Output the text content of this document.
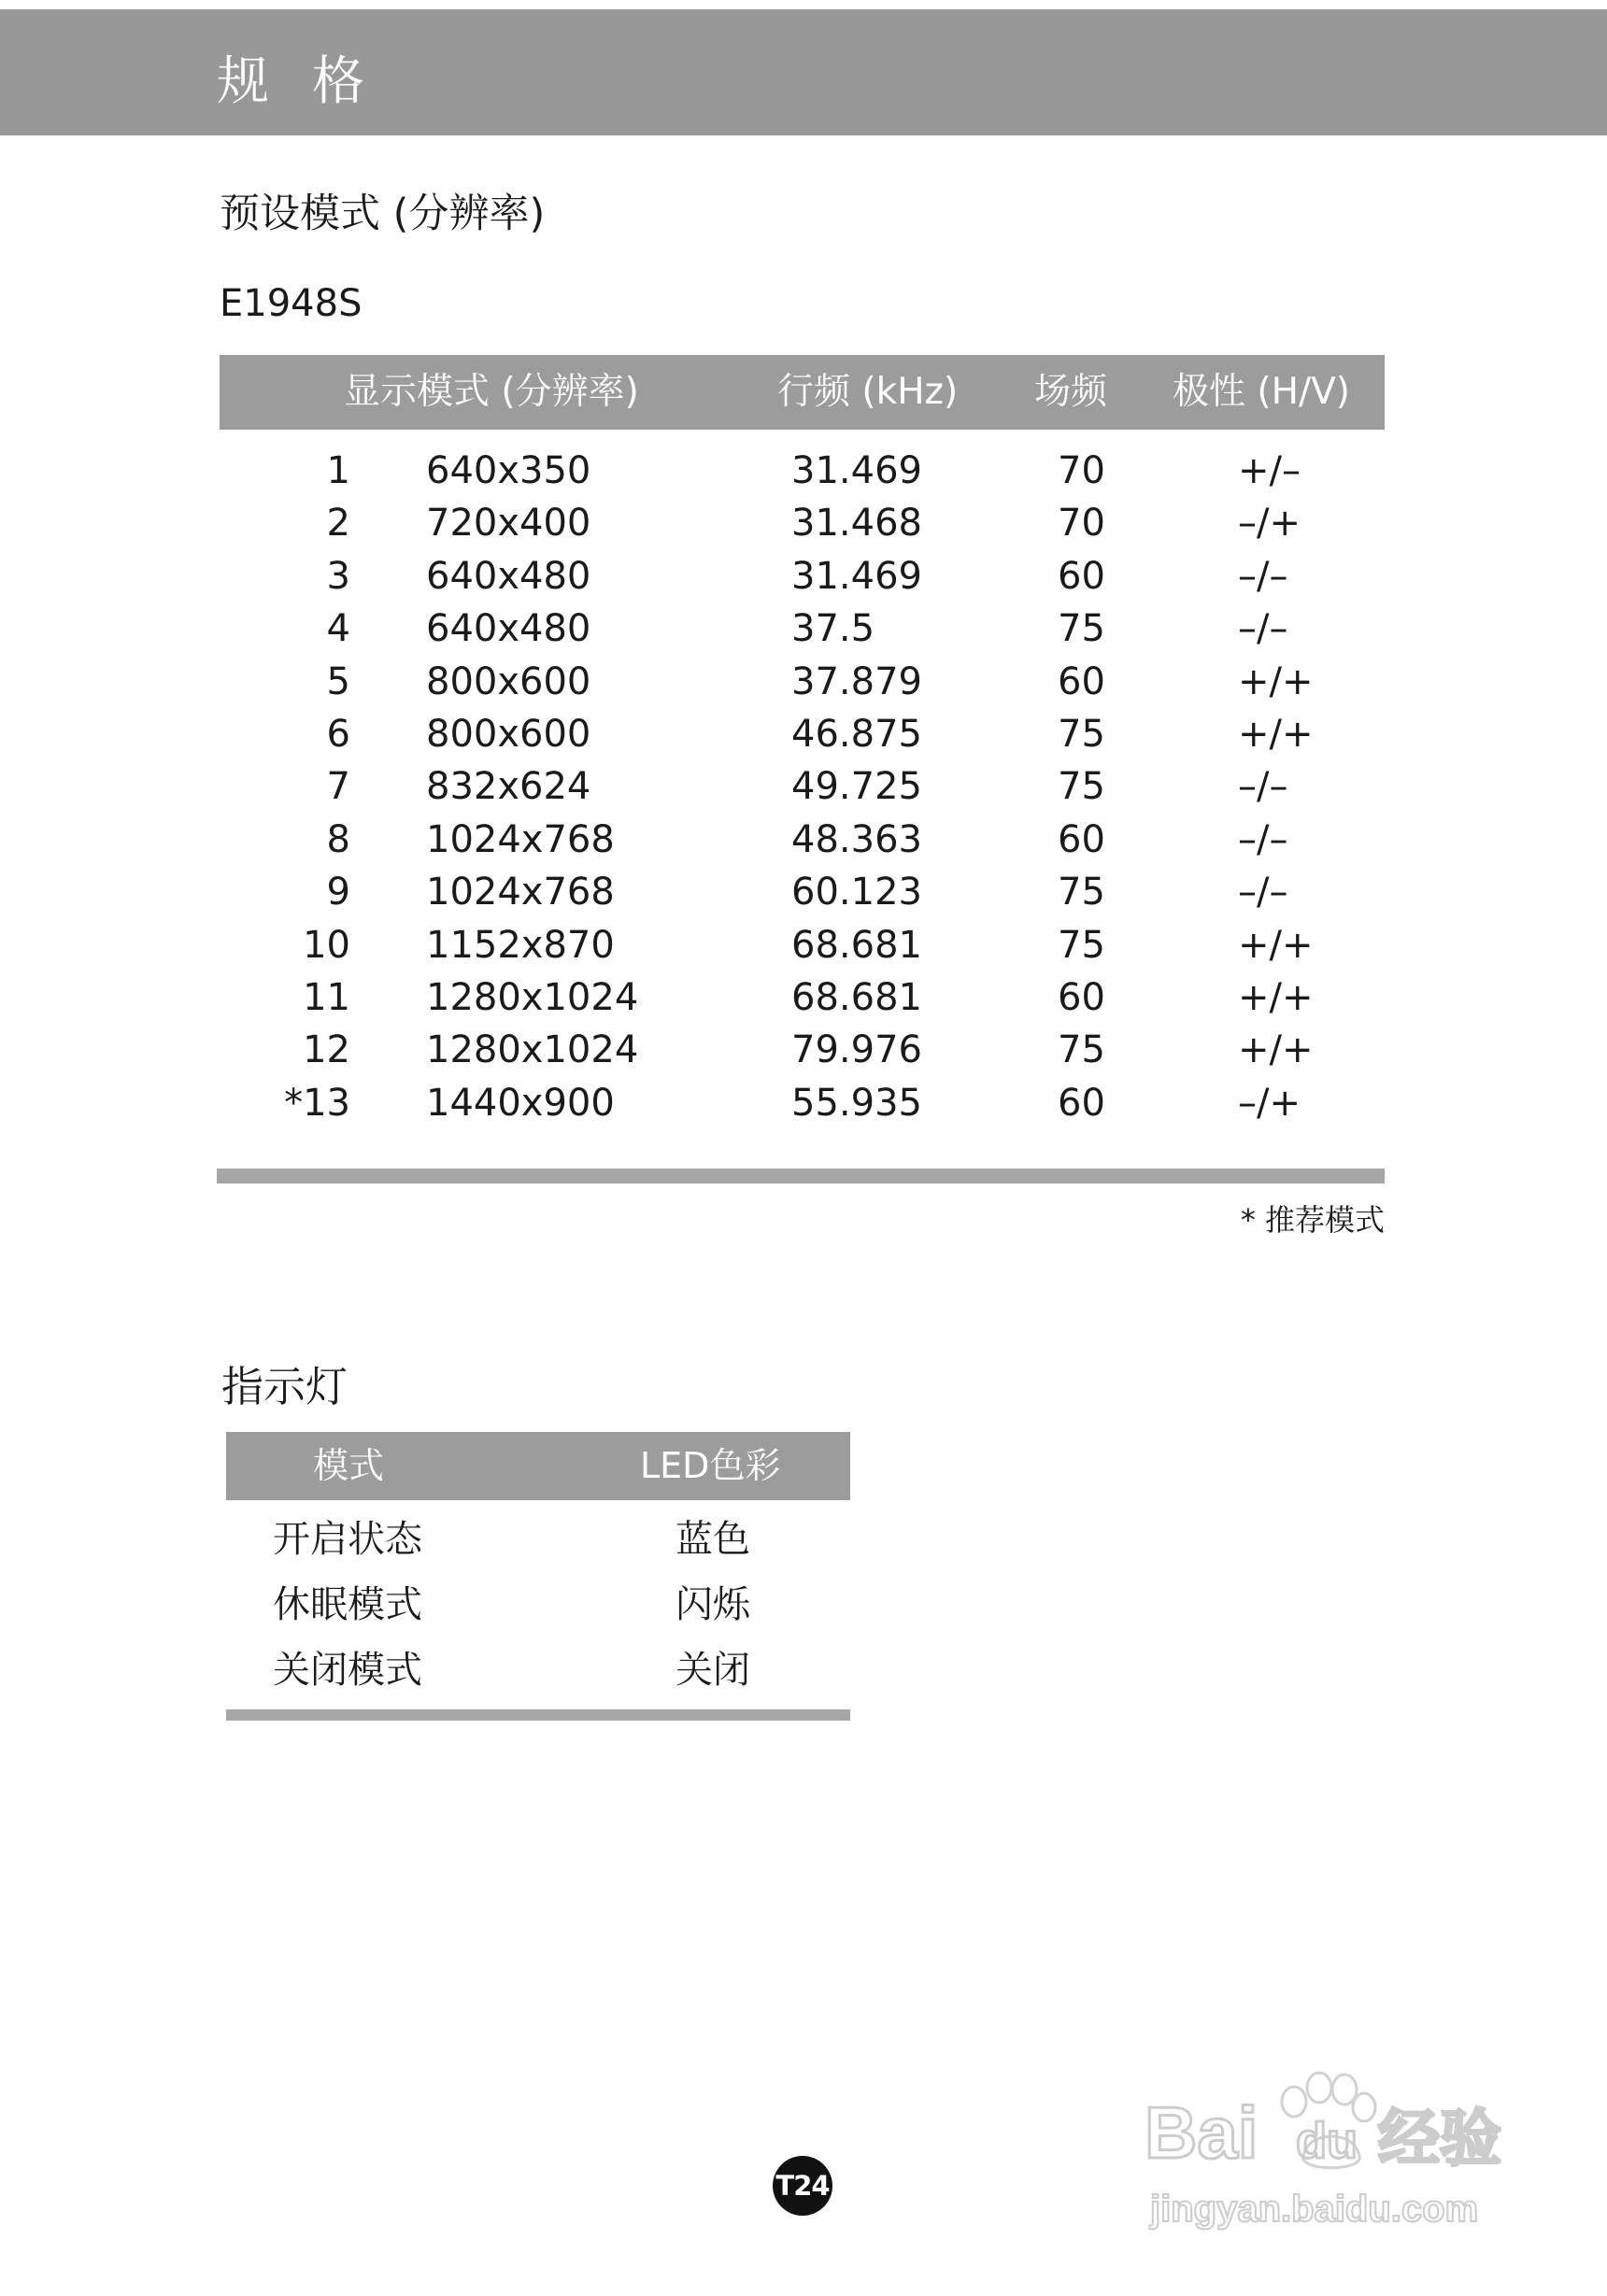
规格
预设模式 (分辨率)
E1948S
显示模式 (分辨率)	行频 (kHz) 场频 极性 (H/V)
1 640x350	31.469	70	+/–
2 720x400	31.468	70	–/+
3 640x480	31.469	60	–/–
4 640x480	37.5	75	–/–
5 800x600	37.879	60	+/+
6 800x600	46.875	75	+/+
7 832x624	49.725	75	–/–
8 1024x768	48.363	60	–/–
9 1024x768	60.123	75	–/–
10 1152x870	68.681	75	+/+
11 1280x1024	68.681	60	+/+
12 1280x1024	79.976	75	+/+
*13 1440x900	55.935	60	–/+
* 推荐模式
指示灯
模式	LED色彩
开启状态	蓝色
休眠模式	闪烁
关闭模式	关闭
T24
Bai du 经验
jingyan.baidu.com
